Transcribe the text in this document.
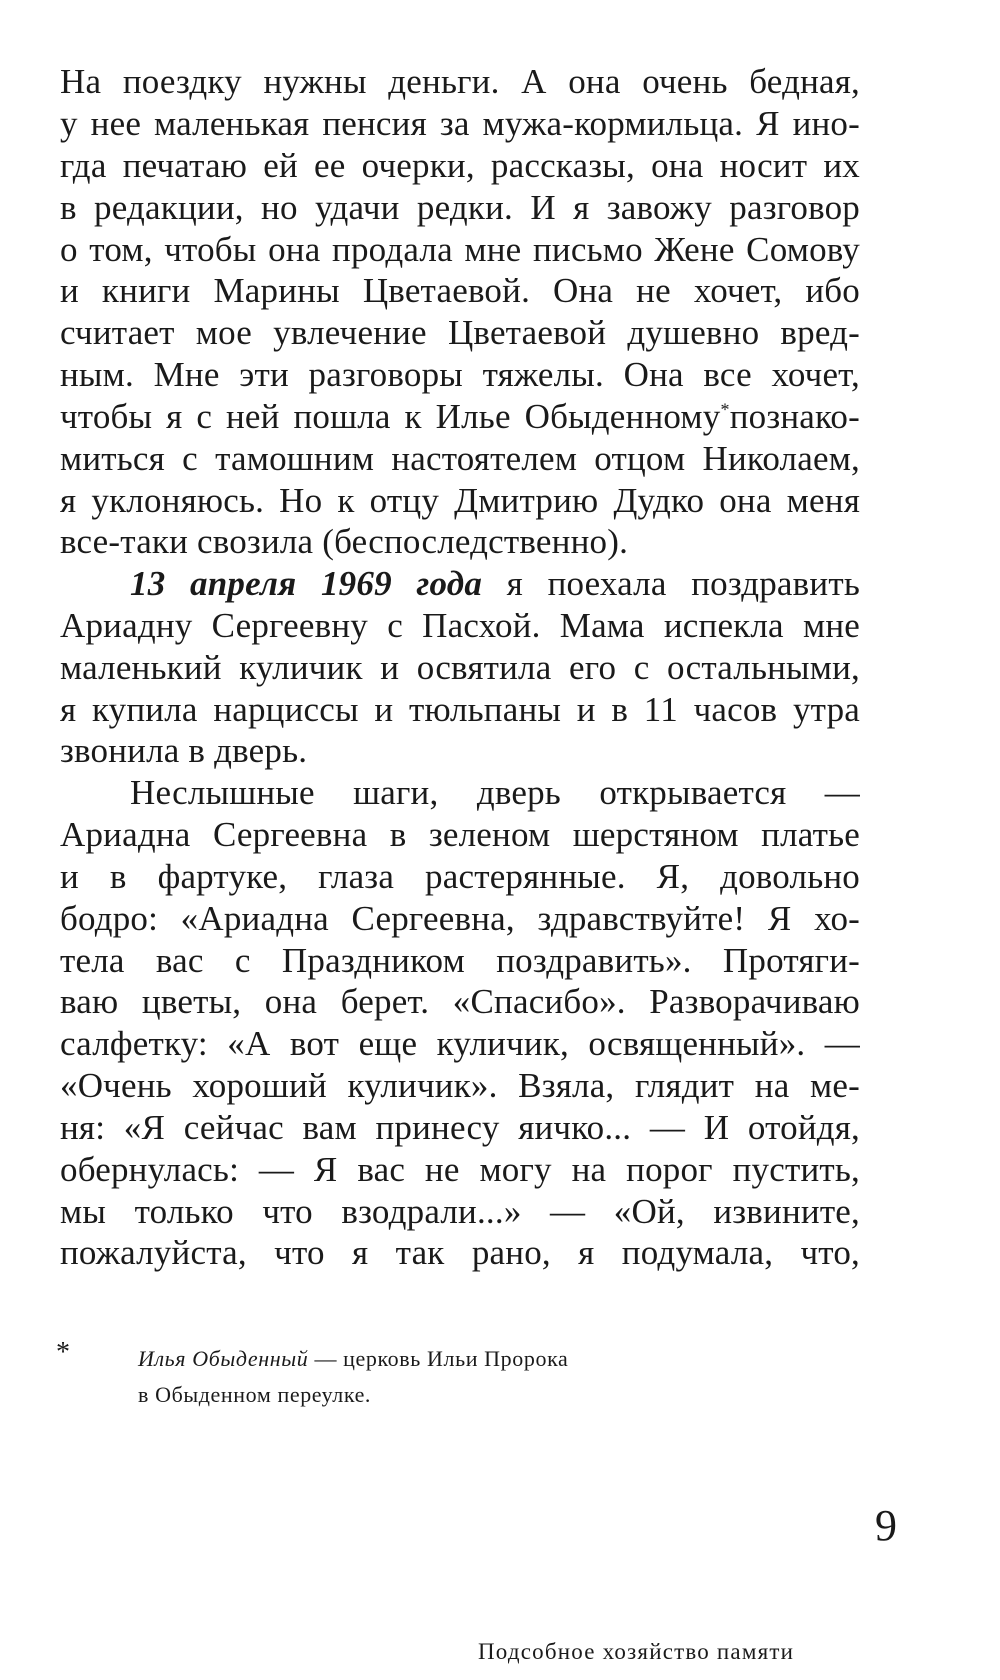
На поездку нужны деньги. А она очень бедная,
у нее маленькая пенсия за мужа-кормильца. Я ино-
гда печатаю ей ее очерки, рассказы, она носит их
в редакции, но удачи редки. И я завожу разговор
о том, чтобы она продала мне письмо Жене Сомову
и книги Марины Цветаевой. Она не хочет, ибо
считает мое увлечение Цветаевой душевно вред-
ным. Мне эти разговоры тяжелы. Она все хочет,
чтобы я с ней пошла к Илье Обыденному*познако-
миться с тамошним настоятелем отцом Николаем,
я уклоняюсь. Но к отцу Дмитрию Дудко она меня
все-таки свозила (беспоследственно).
13 апреля 1969 года я поехала поздравить
Ариадну Сергеевну с Пасхой. Мама испекла мне
маленький куличик и освятила его с остальными,
я купила нарциссы и тюльпаны и в 11 часов утра
звонила в дверь.
Неслышные шаги, дверь открывается —
Ариадна Сергеевна в зеленом шерстяном платье
и в фартуке, глаза растерянные. Я, довольно
бодро: «Ариадна Сергеевна, здравствуйте! Я хо-
тела вас с Праздником поздравить». Протяги-
ваю цветы, она берет. «Спасибо». Разворачиваю
салфетку: «А вот еще куличик, освященный». —
«Очень хороший куличик». Взяла, глядит на ме-
ня: «Я сейчас вам принесу яичко... — И отойдя,
обернулась: — Я вас не могу на порог пустить,
мы только что взодрали...» — «Ой, извините,
пожалуйста, что я так рано, я подумала, что,
*	Илья Обыденный — церковь Ильи Пророка
в Обыденном переулке.
9
Подсобное хозяйство памяти
